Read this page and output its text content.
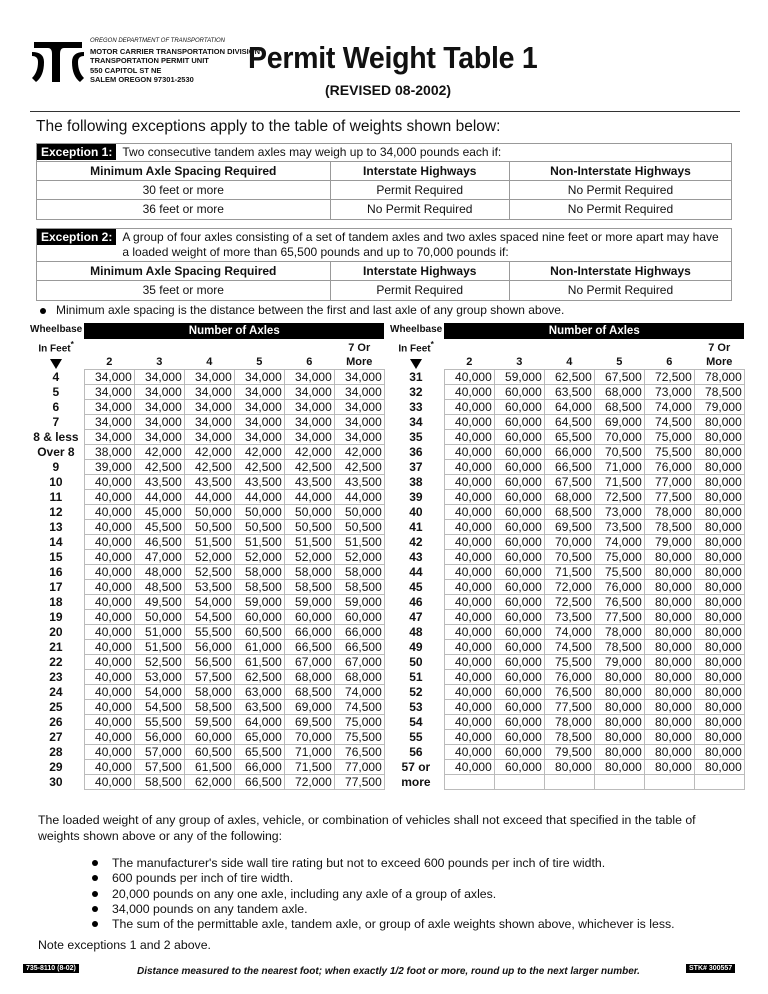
OREGON DEPARTMENT OF TRANSPORTATION
MOTOR CARRIER TRANSPORTATION DIVISION
TRANSPORTATION PERMIT UNIT
550 CAPITOL ST NE
SALEM OREGON 97301-2530
Permit Weight Table 1
(REVISED 08-2002)
The following exceptions apply to the table of weights shown below:
Exception 1: Two consecutive tandem axles may weigh up to 34,000 pounds each if:
Minimum Axle Spacing Required	Interstate Highways	Non-Interstate Highways
30 feet or more	Permit Required	No Permit Required
36 feet or more	No Permit Required	No Permit Required
Exception 2: A group of four axles consisting of a set of tandem axles and two axles spaced nine feet or more apart may have a loaded weight of more than 65,500 pounds and up to 70,000 pounds if:
Minimum Axle Spacing Required	Interstate Highways	Non-Interstate Highways
35 feet or more	Permit Required	No Permit Required
Minimum axle spacing is the distance between the first and last axle of any group shown above.
Wheelbase In Feet*	Number of Axles					
	2	3	4	5	6	7 Or More
4	34,000	34,000	34,000	34,000	34,000	34,000
5	34,000	34,000	34,000	34,000	34,000	34,000
6	34,000	34,000	34,000	34,000	34,000	34,000
7	34,000	34,000	34,000	34,000	34,000	34,000
8 & less	34,000	34,000	34,000	34,000	34,000	34,000
Over 8	38,000	42,000	42,000	42,000	42,000	42,000
9	39,000	42,500	42,500	42,500	42,500	42,500
10	40,000	43,500	43,500	43,500	43,500	43,500
11	40,000	44,000	44,000	44,000	44,000	44,000
12	40,000	45,000	50,000	50,000	50,000	50,000
13	40,000	45,500	50,500	50,500	50,500	50,500
14	40,000	46,500	51,500	51,500	51,500	51,500
15	40,000	47,000	52,000	52,000	52,000	52,000
16	40,000	48,000	52,500	58,000	58,000	58,000
17	40,000	48,500	53,500	58,500	58,500	58,500
18	40,000	49,500	54,000	59,000	59,000	59,000
19	40,000	50,000	54,500	60,000	60,000	60,000
20	40,000	51,000	55,500	60,500	66,000	66,000
21	40,000	51,500	56,000	61,000	66,500	66,500
22	40,000	52,500	56,500	61,500	67,000	67,000
23	40,000	53,000	57,500	62,500	68,000	68,000
24	40,000	54,000	58,000	63,000	68,500	74,000
25	40,000	54,500	58,500	63,500	69,000	74,500
26	40,000	55,500	59,500	64,000	69,500	75,000
27	40,000	56,000	60,000	65,000	70,000	75,500
28	40,000	57,000	60,500	65,500	71,000	76,500
29	40,000	57,500	61,500	66,000	71,500	77,000
30	40,000	58,500	62,000	66,500	72,000	77,500
Wheelbase In Feet*	Number of Axles					
	2	3	4	5	6	7 Or More
31	40,000	59,000	62,500	67,500	72,500	78,000
32	40,000	60,000	63,500	68,000	73,000	78,500
33	40,000	60,000	64,000	68,500	74,000	79,000
34	40,000	60,000	64,500	69,000	74,500	80,000
35	40,000	60,000	65,500	70,000	75,000	80,000
36	40,000	60,000	66,000	70,500	75,500	80,000
37	40,000	60,000	66,500	71,000	76,000	80,000
38	40,000	60,000	67,500	71,500	77,000	80,000
39	40,000	60,000	68,000	72,500	77,500	80,000
40	40,000	60,000	68,500	73,000	78,000	80,000
41	40,000	60,000	69,500	73,500	78,500	80,000
42	40,000	60,000	70,000	74,000	79,000	80,000
43	40,000	60,000	70,500	75,000	80,000	80,000
44	40,000	60,000	71,500	75,500	80,000	80,000
45	40,000	60,000	72,000	76,000	80,000	80,000
46	40,000	60,000	72,500	76,500	80,000	80,000
47	40,000	60,000	73,500	77,500	80,000	80,000
48	40,000	60,000	74,000	78,000	80,000	80,000
49	40,000	60,000	74,500	78,500	80,000	80,000
50	40,000	60,000	75,500	79,000	80,000	80,000
51	40,000	60,000	76,000	80,000	80,000	80,000
52	40,000	60,000	76,500	80,000	80,000	80,000
53	40,000	60,000	77,500	80,000	80,000	80,000
54	40,000	60,000	78,000	80,000	80,000	80,000
55	40,000	60,000	78,500	80,000	80,000	80,000
56	40,000	60,000	79,500	80,000	80,000	80,000
57 or	40,000	60,000	80,000	80,000	80,000	80,000
more						
The loaded weight of any group of axles, vehicle, or combination of vehicles shall not exceed that specified in the table of weights shown above or any of the following:
The manufacturer's side wall tire rating but not to exceed 600 pounds per inch of tire width.
600 pounds per inch of tire width.
20,000 pounds on any one axle, including any axle of a group of axles.
34,000 pounds on any tandem axle.
The sum of the permittable axle, tandem axle, or group of axle weights shown above, whichever is less.
Note exceptions 1 and 2 above.
735-8110 (8-02)	Distance measured to the nearest foot; when exactly 1/2 foot or more, round up to the next larger number.	STK# 300557
